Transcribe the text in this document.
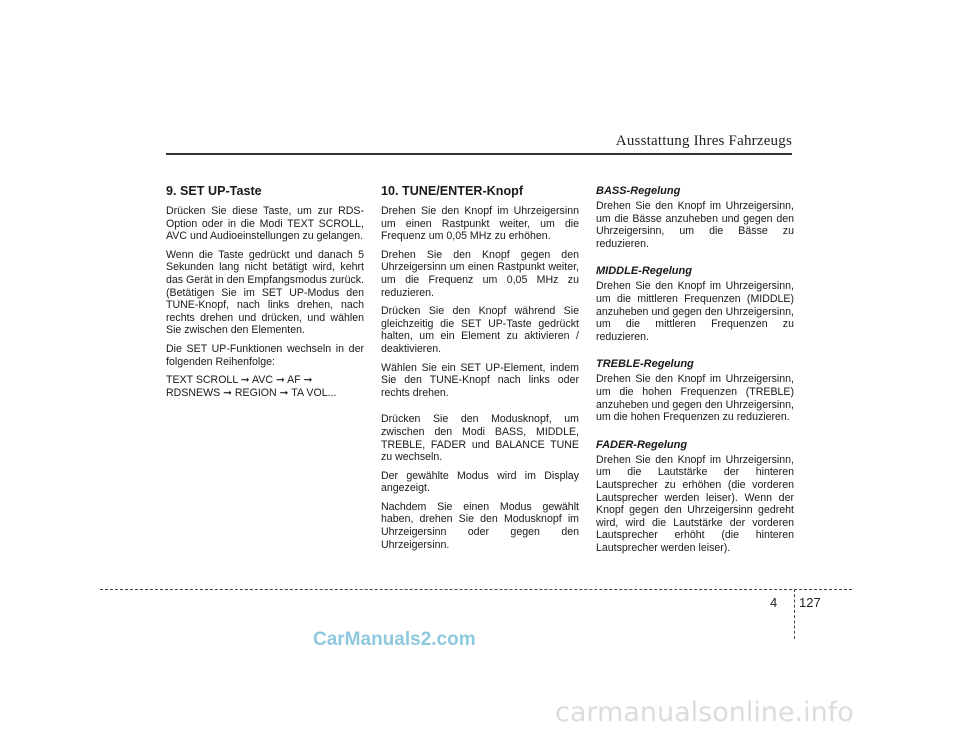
Ausstattung Ihres Fahrzeugs
9. SET UP-Taste

Drücken Sie diese Taste, um zur RDS-Option oder in die Modi TEXT SCROLL, AVC und Audioeinstellungen zu gelangen.

Wenn die Taste gedrückt und danach 5 Sekunden lang nicht betätigt wird, kehrt das Gerät in den Empfangsmodus zurück. (Betätigen Sie im SET UP-Modus den TUNE-Knopf, nach links drehen, nach rechts drehen und drücken, und wählen Sie zwischen den Elementen.

Die SET UP-Funktionen wechseln in der folgenden Reihenfolge:

TEXT SCROLL ➞ AVC ➞ AF ➞ RDSNEWS ➞ REGION ➞ TA VOL...

10. TUNE/ENTER-Knopf

Drehen Sie den Knopf im Uhrzeigersinn um einen Rastpunkt weiter, um die Frequenz um 0,05 MHz zu erhöhen.

Drehen Sie den Knopf gegen den Uhrzeigersinn um einen Rastpunkt weiter, um die Frequenz um 0,05 MHz zu reduzieren.

Drücken Sie den Knopf während Sie gleichzeitig die SET UP-Taste gedrückt halten, um ein Element zu aktivieren / deaktivieren.

Wählen Sie ein SET UP-Element, indem Sie den TUNE-Knopf nach links oder rechts drehen.

Drücken Sie den Modusknopf, um zwischen den Modi BASS, MIDDLE, TREBLE, FADER und BALANCE TUNE zu wechseln.

Der gewählte Modus wird im Display angezeigt.

Nachdem Sie einen Modus gewählt haben, drehen Sie den Modusknopf im Uhrzeigersinn oder gegen den Uhrzeigersinn.

BASS-Regelung

Drehen Sie den Knopf im Uhrzeigersinn, um die Bässe anzuheben und gegen den Uhrzeigersinn, um die Bässe zu reduzieren.

MIDDLE-Regelung

Drehen Sie den Knopf im Uhrzeigersinn, um die mittleren Frequenzen (MIDDLE) anzuheben und gegen den Uhrzeigersinn, um die mittleren Frequenzen zu reduzieren.

TREBLE-Regelung

Drehen Sie den Knopf im Uhrzeigersinn, um die hohen Frequenzen (TREBLE) anzuheben und gegen den Uhrzeigersinn, um die hohen Frequenzen zu reduzieren.

FADER-Regelung

Drehen Sie den Knopf im Uhrzeigersinn, um die Lautstärke der hinteren Lautsprecher zu erhöhen (die vorderen Lautsprecher werden leiser). Wenn der Knopf gegen den Uhrzeigersinn gedreht wird, wird die Lautstärke der vorderen Lautsprecher erhöht (die hinteren Lautsprecher werden leiser).

4 127
CarManuals2.com
carmanualsonline.info
